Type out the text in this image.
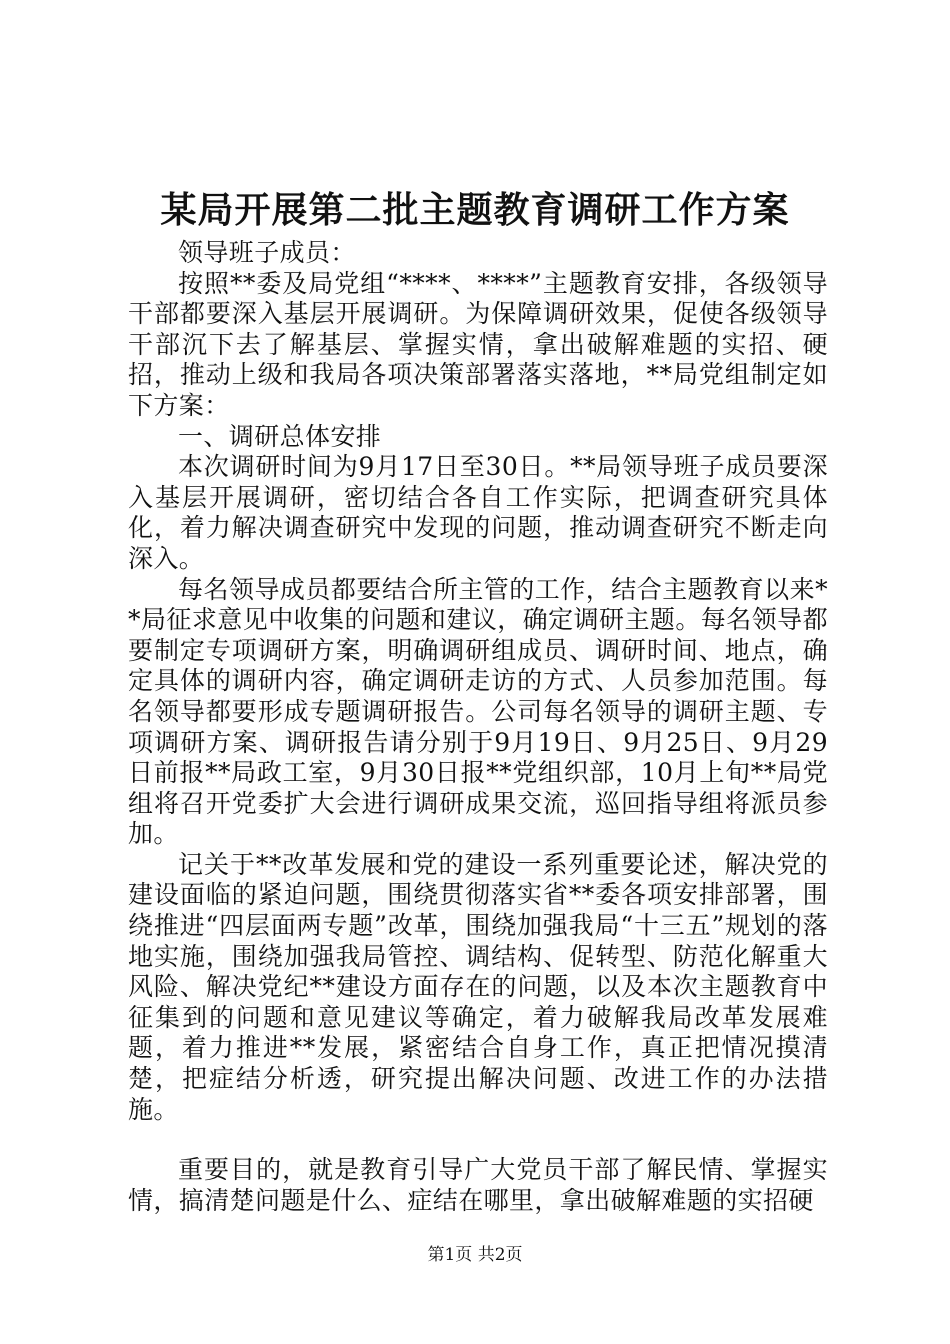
某局开展第二批主题教育调研工作方案

领导班子成员：

按照**委及局党组“****、****”主题教育安排，各级领导干部都要深入基层开展调研。为保障调研效果，促使各级领导干部沉下去了解基层、掌握实情，拿出破解难题的实招、硬招，推动上级和我局各项决策部署落实落地，**局党组制定如下方案：

一、调研总体安排

本次调研时间为9月17日至30日。**局领导班子成员要深入基层开展调研，密切结合各自工作实际，把调查研究具体化，着力解决调查研究中发现的问题，推动调查研究不断走向深入。

每名领导成员都要结合所主管的工作，结合主题教育以来**局征求意见中收集的问题和建议，确定调研主题。每名领导都要制定专项调研方案，明确调研组成员、调研时间、地点，确定具体的调研内容，确定调研走访的方式、人员参加范围。每名领导都要形成专题调研报告。公司每名领导的调研主题、专项调研方案、调研报告请分别于9月19日、9月25日、9月29日前报**局政工室，9月30日报**党组织部，10月上旬**局党组将召开党委扩大会进行调研成果交流，巡回指导组将派员参加。

记关于**改革发展和党的建设一系列重要论述，解决党的建设面临的紧迫问题，围绕贯彻落实省**委各项安排部署，围绕推进“四层面两专题”改革，围绕加强我局“十三五”规划的落地实施，围绕加强我局管控、调结构、促转型、防范化解重大风险、解决党纪**建设方面存在的问题，以及本次主题教育中征集到的问题和意见建议等确定，着力破解我局改革发展难题，着力推进**发展，紧密结合自身工作，真正把情况摸清楚，把症结分析透，研究提出解决问题、改进工作的办法措施。

重要目的，就是教育引导广大党员干部了解民情、掌握实情，搞清楚问题是什么、症结在哪里，拿出破解难题的实招硬

第1页 共2页
